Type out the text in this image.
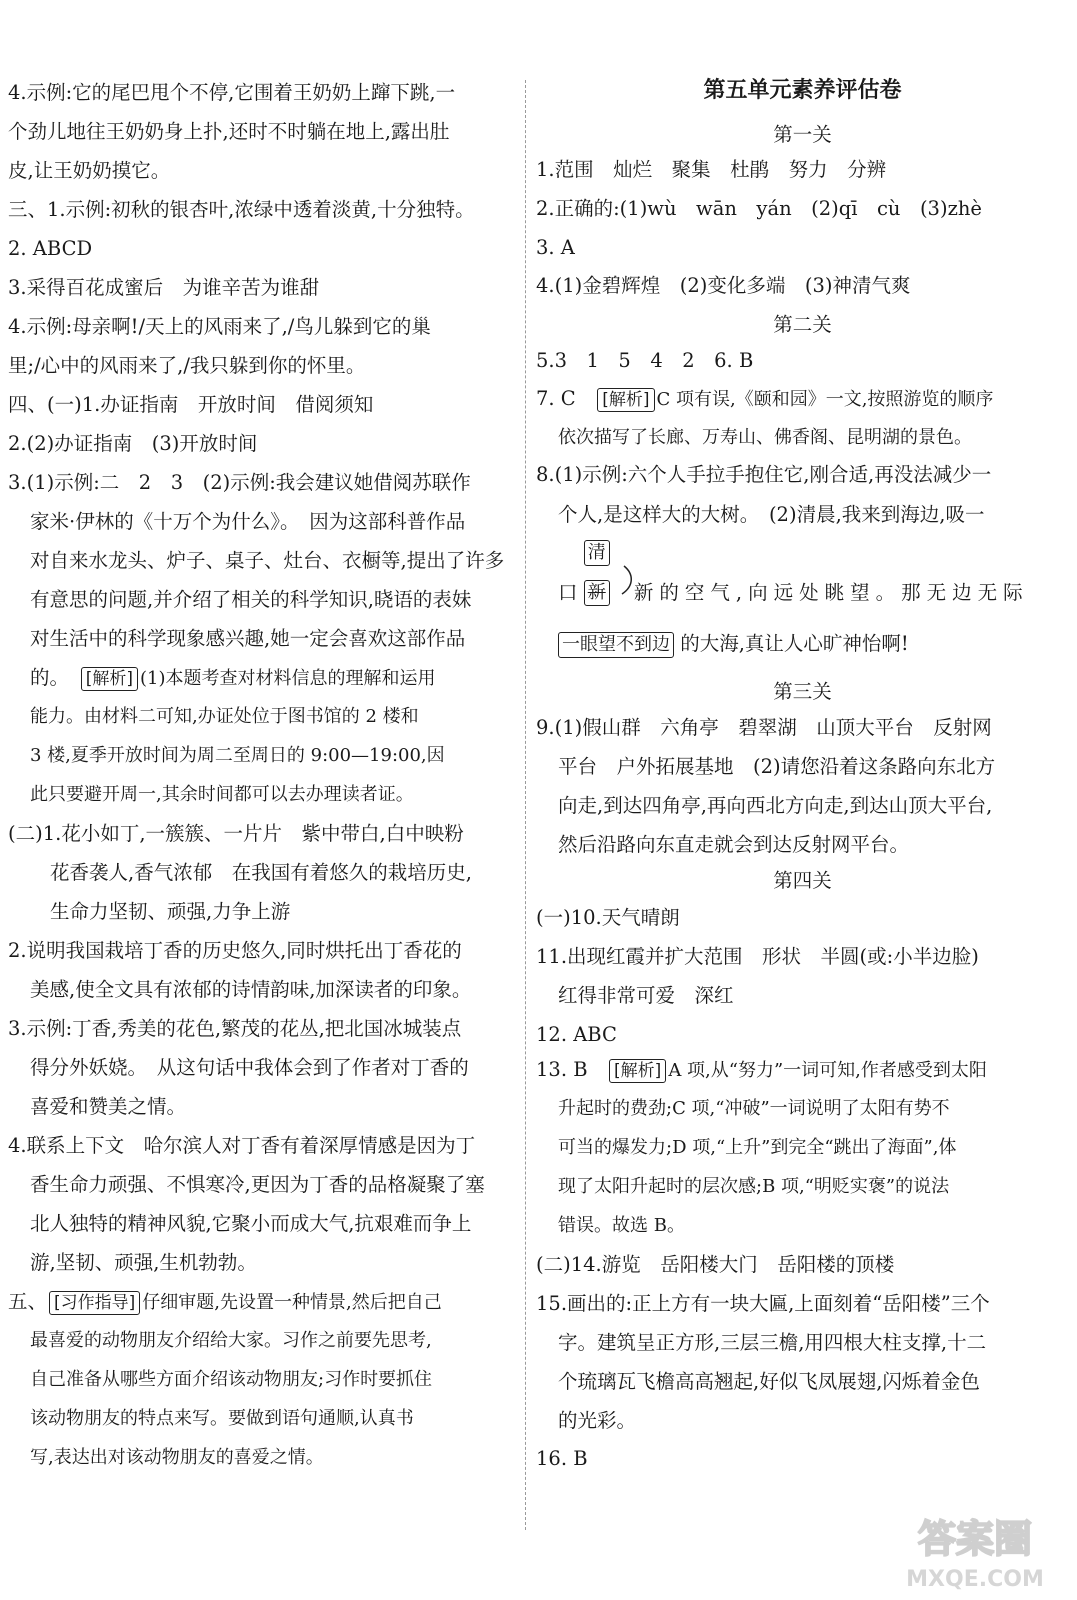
4.示例:它的尾巴甩个不停,它围着王奶奶上蹿下跳,一
个劲儿地往王奶奶身上扑,还时不时躺在地上,露出肚
皮,让王奶奶摸它。
三、1.示例:初秋的银杏叶,浓绿中透着淡黄,十分独特。
2. ABCD
3.采得百花成蜜后　为谁辛苦为谁甜
4.示例:母亲啊!/天上的风雨来了,/鸟儿躲到它的巢
里;/心中的风雨来了,/我只躲到你的怀里。
四、(一)1.办证指南　开放时间　借阅须知
2.(2)办证指南　(3)开放时间
3.(1)示例:二　2　3　(2)示例:我会建议她借阅苏联作
家米·伊林的《十万个为什么》。　因为这部科普作品
对自来水龙头、炉子、桌子、灶台、衣橱等,提出了许多
有意思的问题,并介绍了相关的科学知识,晓语的表妹
对生活中的科学现象感兴趣,她一定会喜欢这部作品
能力。由材料二可知,办证处位于图书馆的 2 楼和
3 楼,夏季开放时间为周二至周日的 9:00—19:00,因
此只要避开周一,其余时间都可以去办理读者证。
(二)1.花小如丁,一簇簇、一片片　紫中带白,白中映粉
花香袭人,香气浓郁　在我国有着悠久的栽培历史,
生命力坚韧、顽强,力争上游
2.说明我国栽培丁香的历史悠久,同时烘托出丁香花的
美感,使全文具有浓郁的诗情韵味,加深读者的印象。
3.示例:丁香,秀美的花色,繁茂的花丛,把北国冰城装点
得分外妖娆。　从这句话中我体会到了作者对丁香的
喜爱和赞美之情。
4.联系上下文　哈尔滨人对丁香有着深厚情感是因为丁
香生命力顽强、不惧寒冷,更因为丁香的品格凝聚了塞
北人独特的精神风貌,它聚小而成大气,抗艰难而争上
游,坚韧、顽强,生机勃勃。
最喜爱的动物朋友介绍给大家。习作之前要先思考,
自己准备从哪些方面介绍该动物朋友;习作时要抓住
该动物朋友的特点来写。要做到语句通顺,认真书
写,表达出对该动物朋友的喜爱之情。
的。　[解析] (1)本题考查对材料信息的理解和运用
五、 [习作指导] 仔细审题,先设置一种情景,然后把自己
第五单元素养评估卷
口
清
新 新的空气,向远处眺望。那无边无际
一眼望不到边 的大海,真让人心旷神怡啊!
1.范围　灿烂　聚集　杜鹃　努力　分辨
2.正确的:(1)wù　wān　yán　(2)qī　cù　(3)zhè
3. A
4.(1)金碧辉煌　(2)变化多端　(3)神清气爽
5.3　1　5　4　2　6. B
依次描写了长廊、万寿山、佛香阁、昆明湖的景色。
8.(1)示例:六个人手拉手抱住它,刚合适,再没法减少一
个人,是这样大的大树。　(2)清晨,我来到海边,吸一
9.(1)假山群　六角亭　碧翠湖　山顶大平台　反射网
平台　户外拓展基地　(2)请您沿着这条路向东北方
向走,到达四角亭,再向西北方向走,到达山顶大平台,
然后沿路向东直走就会到达反射网平台。
(一)10.天气晴朗
11.出现红霞并扩大范围　形状　半圆(或:小半边脸)
红得非常可爱　深红
12. ABC
升起时的费劲;C 项,“冲破”一词说明了太阳有势不
可当的爆发力;D 项,“上升”到完全“跳出了海面”,体
现了太阳升起时的层次感;B 项,“明贬实褒”的说法
错误。故选 B。
(二)14.游览　岳阳楼大门　岳阳楼的顶楼
15.画出的:正上方有一块大匾,上面刻着“岳阳楼”三个
字。建筑呈正方形,三层三檐,用四根大柱支撑,十二
个琉璃瓦飞檐高高翘起,好似飞凤展翅,闪烁着金色
的光彩。
16. B
7. C　[解析] C 项有误,《颐和园》一文,按照游览的顺序
13. B　[解析] A 项,从“努力”一词可知,作者感受到太阳
第一关
第二关
第三关
第四关
答案圈
MXQE.COM
